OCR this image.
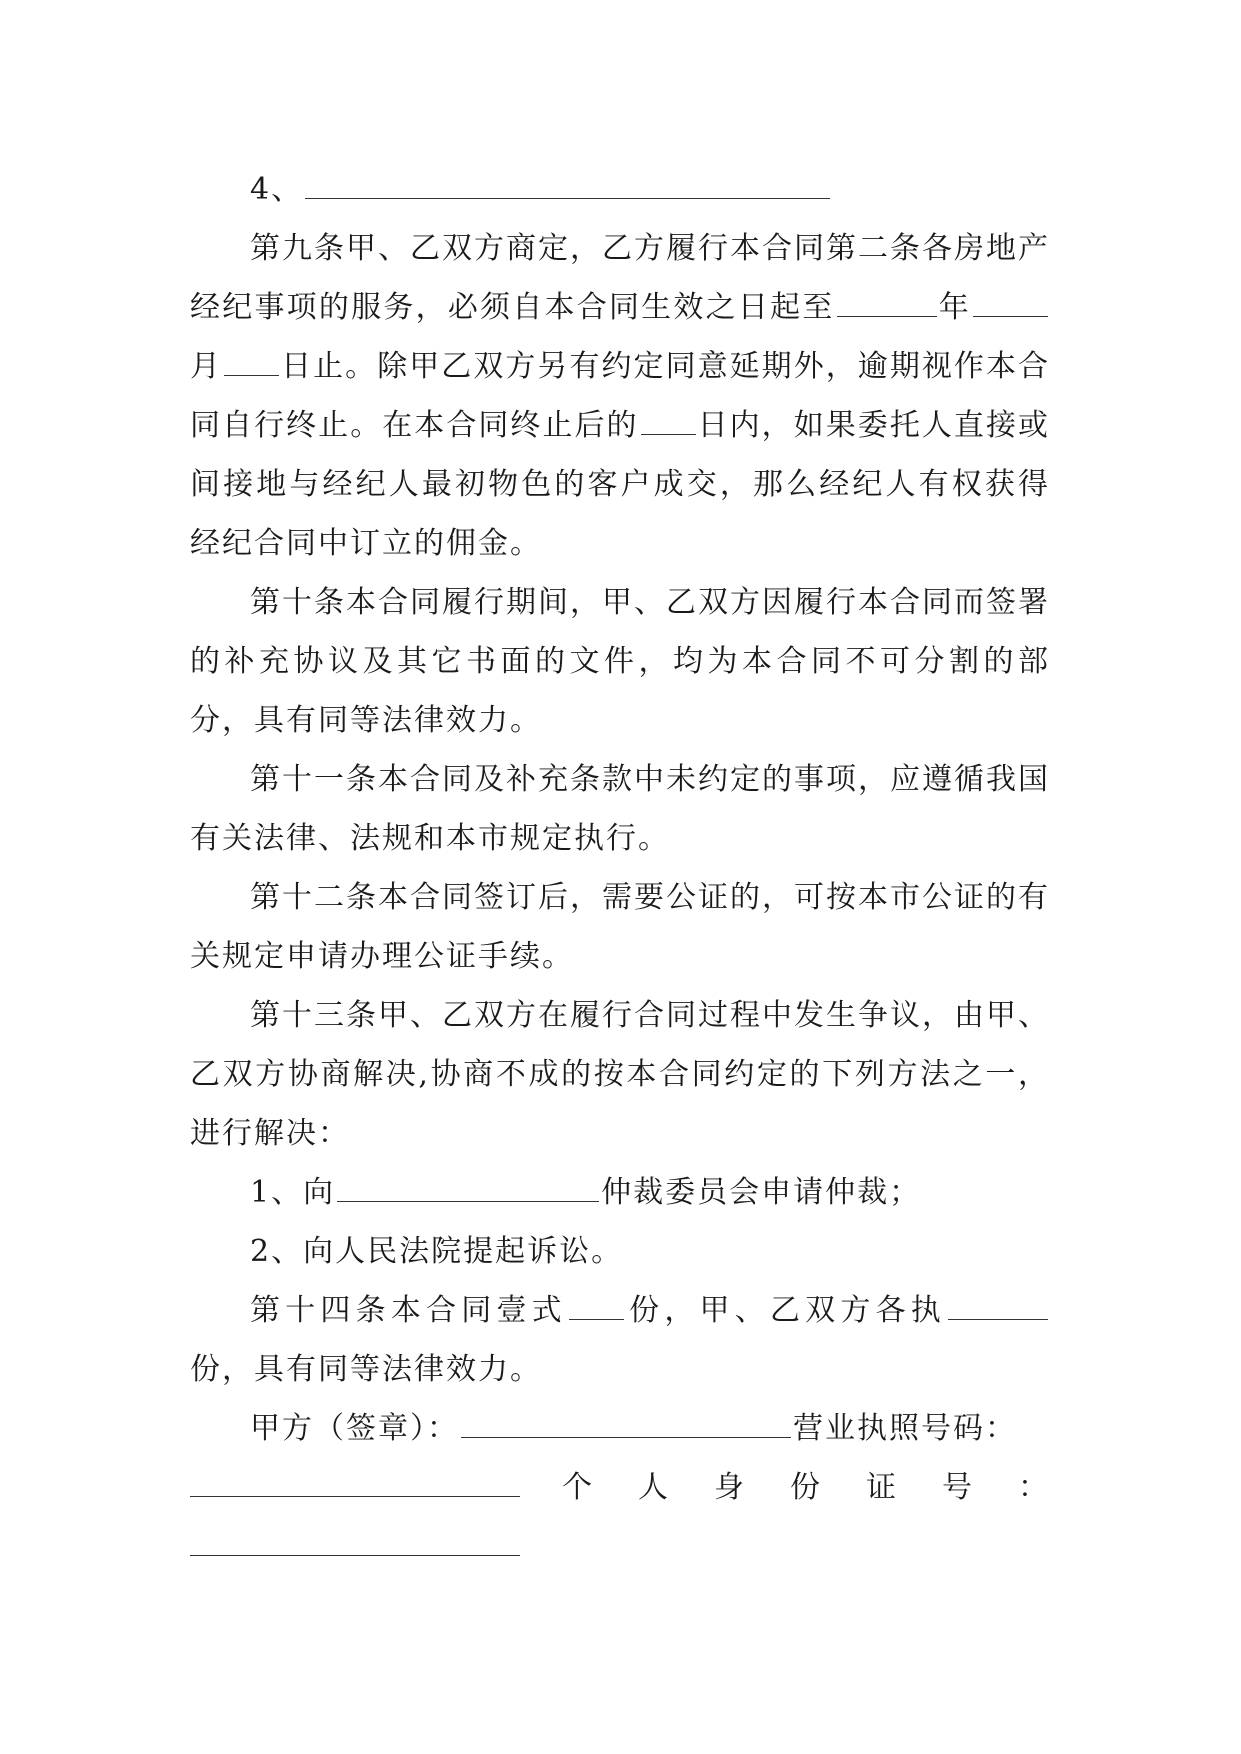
4、

第九条甲、乙双方商定，乙方履行本合同第二条各房地产经纪事项的服务，必须自本合同生效之日起至	年月 日止。除甲乙双方另有约定同意延期外，逾期视作本合同自行终止。在本合同终止后的 日内，如果委托人直接或间接地与经纪人最初物色的客户成交，那么经纪人有权获得经纪合同中订立的佣金。

第十条本合同履行期间，甲、乙双方因履行本合同而签署的补充协议及其它书面的文件，均为本合同不可分割的部分，具有同等法律效力。

第十一条本合同及补充条款中未约定的事项，应遵循我国有关法律、法规和本市规定执行。

第十二条本合同签订后，需要公证的，可按本市公证的有关规定申请办理公证手续。

第十三条甲、乙双方在履行合同过程中发生争议，由甲、乙双方协商解决,协商不成的按本合同约定的下列方法之一，进行解决：

1、向	仲裁委员会申请仲裁；

2、向人民法院提起诉讼。

第十四条本合同壹式 份，甲、乙双方各执份，具有同等法律效力。

甲方（签章）：	营业执照号码：

个 人 身 份 证 号 ：
